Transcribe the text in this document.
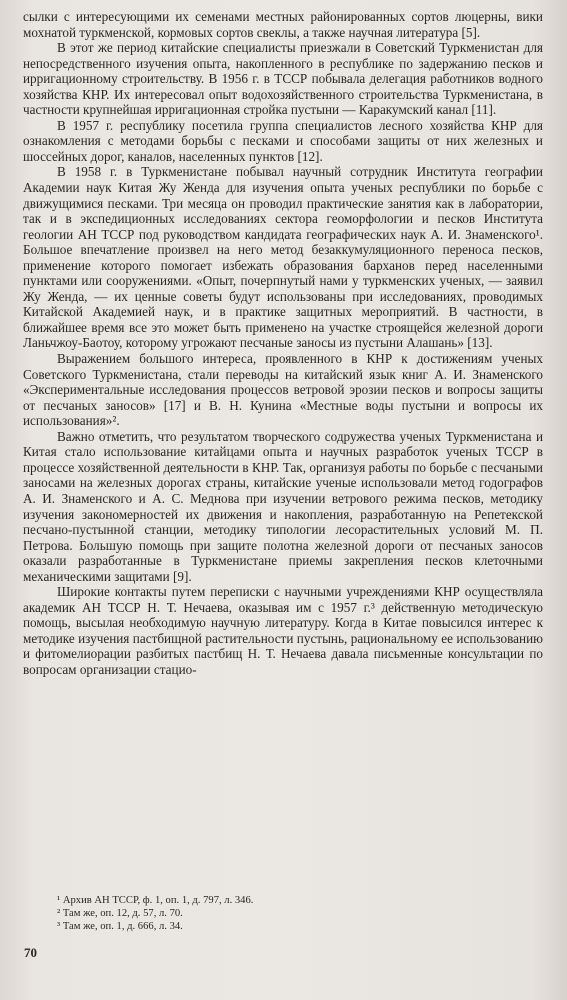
сылки с интересующими их семенами местных районированных сортов люцерны, вики мохнатой туркменской, кормовых сортов свеклы, а также научная литература [5].

В этот же период китайские специалисты приезжали в Советский Туркменистан для непосредственного изучения опыта, накопленного в республике по задержанию песков и ирригационному строительству. В 1956 г. в ТССР побывала делегация работников водного хозяйства КНР. Их интересовал опыт водохозяйственного строительства Туркменистана, в частности крупнейшая ирригационная стройка пустыни — Каракумский канал [11].

В 1957 г. республику посетила группа специалистов лесного хозяйства КНР для ознакомления с методами борьбы с песками и способами защиты от них железных и шоссейных дорог, каналов, населенных пунктов [12].

В 1958 г. в Туркменистане побывал научный сотрудник Института географии Академии наук Китая Жу Женда для изучения опыта ученых республики по борьбе с движущимися песками. Три месяца он проводил практические занятия как в лаборатории, так и в экспедиционных исследованиях сектора геоморфологии и песков Института геологии АН ТССР под руководством кандидата географических наук А. И. Знаменского¹. Большое впечатление произвел на него метод безаккумуляционного переноса песков, применение которого помогает избежать образования барханов перед населенными пунктами или сооружениями. «Опыт, почерпнутый нами у туркменских ученых, — заявил Жу Женда, — их ценные советы будут использованы при исследованиях, проводимых Китайской Академией наук, и в практике защитных мероприятий. В частности, в ближайшее время все это может быть применено на участке строящейся железной дороги Ланьчжоу-Баотоу, которому угрожают песчаные заносы из пустыни Алашань» [13].

Выражением большого интереса, проявленного в КНР к достижениям ученых Советского Туркменистана, стали переводы на китайский язык книг А. И. Знаменского «Экспериментальные исследования процессов ветровой эрозии песков и вопросы защиты от песчаных заносов» [17] и В. Н. Кунина «Местные воды пустыни и вопросы их использования»².

Важно отметить, что результатом творческого содружества ученых Туркменистана и Китая стало использование китайцами опыта и научных разработок ученых ТССР в процессе хозяйственной деятельности в КНР. Так, организуя работы по борьбе с песчаными заносами на железных дорогах страны, китайские ученые использовали метод годографов А. И. Знаменского и А. С. Меднова при изучении ветрового режима песков, методику изучения закономерностей их движения и накопления, разработанную на Репетекской песчано-пустынной станции, методику типологии лесорастительных условий М. П. Петрова. Большую помощь при защите полотна железной дороги от песчаных заносов оказали разработанные в Туркменистане приемы закрепления песков клеточными механическими защитами [9].

Широкие контакты путем переписки с научными учреждениями КНР осуществляла академик АН ТССР Н. Т. Нечаева, оказывая им с 1957 г.³ действенную методическую помощь, высылая необходимую научную литературу. Когда в Китае повысился интерес к методике изучения пастбищной растительности пустынь, рациональному ее использованию и фитомелиорации разбитых пастбищ Н. Т. Нечаева давала письменные консультации по вопросам организации стацио-

¹ Архив АН ТССР, ф. 1, оп. 1, д. 797, л. 346.
² Там же, оп. 12, д. 57, л. 70.
³ Там же, оп. 1, д. 666, л. 34.
70
